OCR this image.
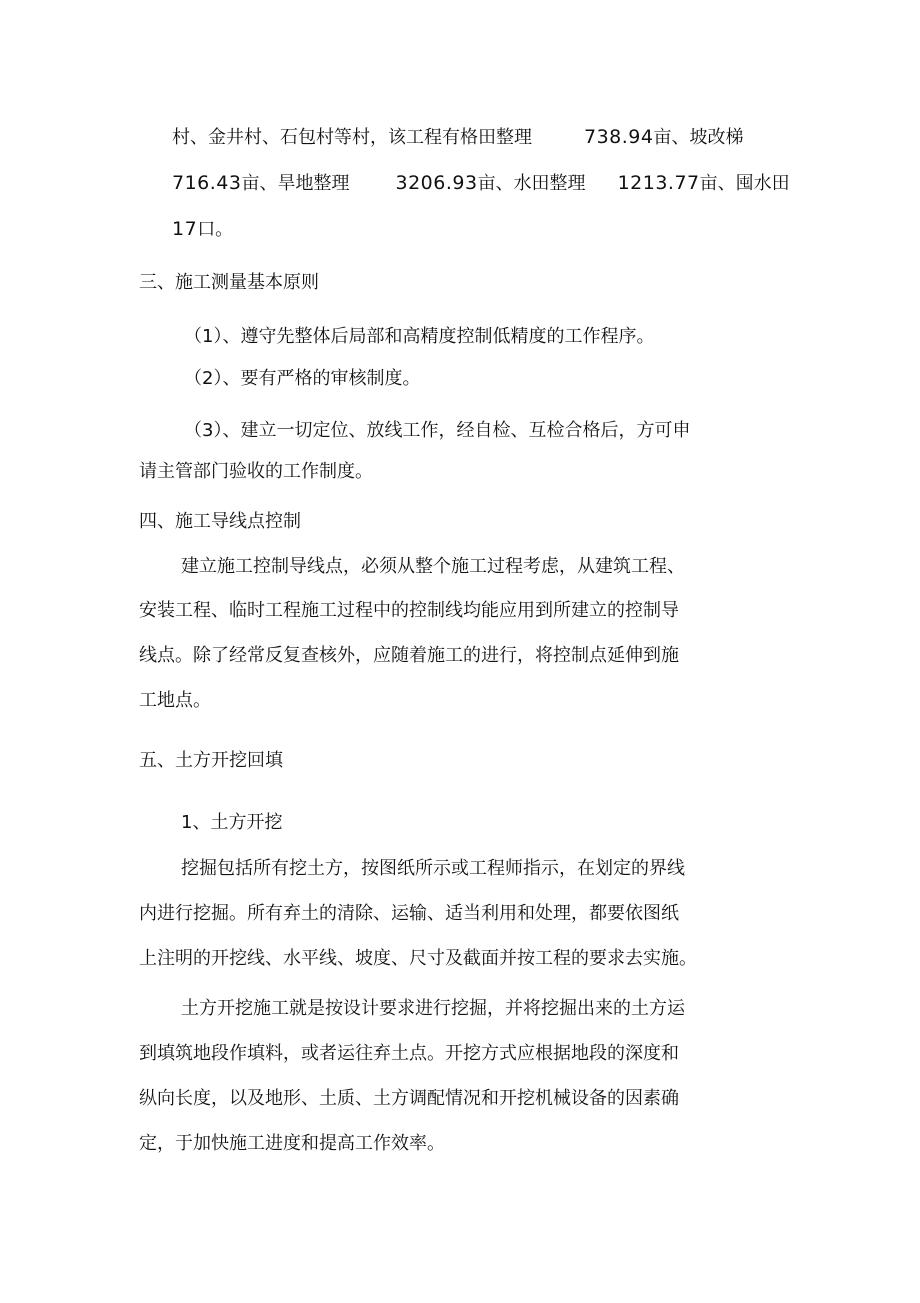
村、金井村、石包村等村，该工程有格田整理	738.94亩、坡改梯

716.43亩、旱地整理 3206.93亩、水田整理 1213.77亩、囤水田

17口。

三、施工测量基本原则

（1）、遵守先整体后局部和高精度控制低精度的工作程序。

（2）、要有严格的审核制度。

（3）、建立一切定位、放线工作，经自检、互检合格后，方可申

请主管部门验收的工作制度。

四、施工导线点控制

建立施工控制导线点，必须从整个施工过程考虑，从建筑工程、

安装工程、临时工程施工过程中的控制线均能应用到所建立的控制导

线点。除了经常反复查核外，应随着施工的进行，将控制点延伸到施

工地点。

五、土方开挖回填

1、土方开挖

挖掘包括所有挖土方，按图纸所示或工程师指示，在划定的界线

内进行挖掘。所有弃土的清除、运输、适当利用和处理，都要依图纸

上注明的开挖线、水平线、坡度、尺寸及截面并按工程的要求去实施。

土方开挖施工就是按设计要求进行挖掘，并将挖掘出来的土方运

到填筑地段作填料，或者运往弃土点。开挖方式应根据地段的深度和

纵向长度，以及地形、土质、土方调配情况和开挖机械设备的因素确

定，于加快施工进度和提高工作效率。
